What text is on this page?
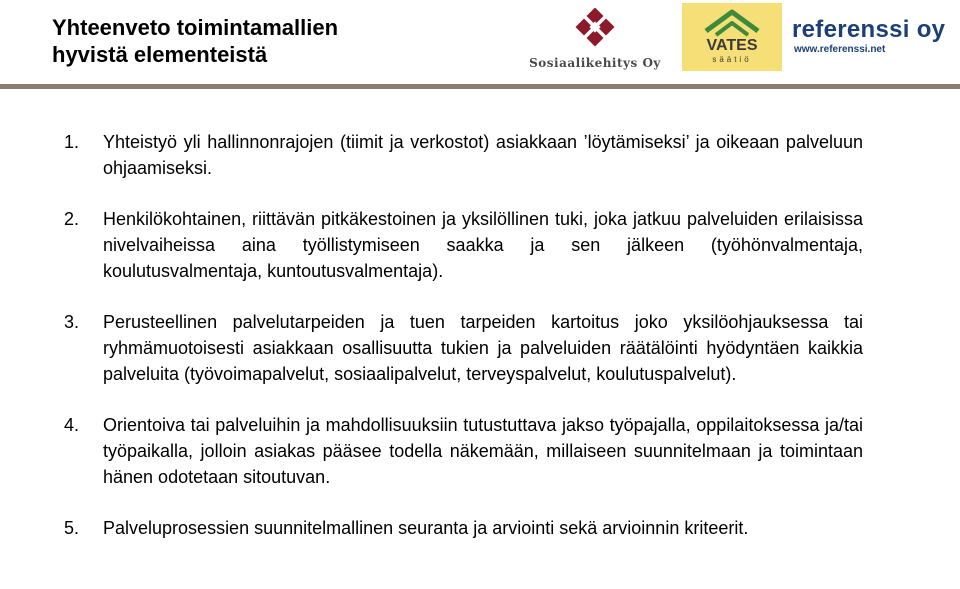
Yhteenveto toimintamallien
hyvistä elementeistä	Sosiaalikehitys Oy
VATES
säätiö
referenssi oy
www.referenssi.net
1. Yhteistyö yli hallinnonrajojen (tiimit ja verkostot) asiakkaan ’löytämiseksi’ ja oikeaan palveluun ohjaamiseksi.
2. Henkilökohtainen, riittävän pitkäkestoinen ja yksilöllinen tuki, joka jatkuu palveluiden erilaisissa nivelvaiheissa aina työllistymiseen saakka ja sen jälkeen (työhönvalmentaja, koulutusvalmentaja, kuntoutusvalmentaja).
3. Perusteellinen palvelutarpeiden ja tuen tarpeiden kartoitus joko yksilöohjauksessa tai ryhmämuotoisesti asiakkaan osallisuutta tukien ja palveluiden räätälöinti hyödyntäen kaikkia palveluita (työvoimapalvelut, sosiaalipalvelut, terveyspalvelut, koulutuspalvelut).
4. Orientoiva tai palveluihin ja mahdollisuuksiin tutustuttava jakso työpajalla, oppilaitoksessa ja/tai työpaikalla, jolloin asiakas pääsee todella näkemään, millaiseen suunnitelmaan ja toimintaan hänen odotetaan sitoutuvan.
5. Palveluprosessien suunnitelmallinen seuranta ja arviointi sekä arvioinnin kriteerit.
